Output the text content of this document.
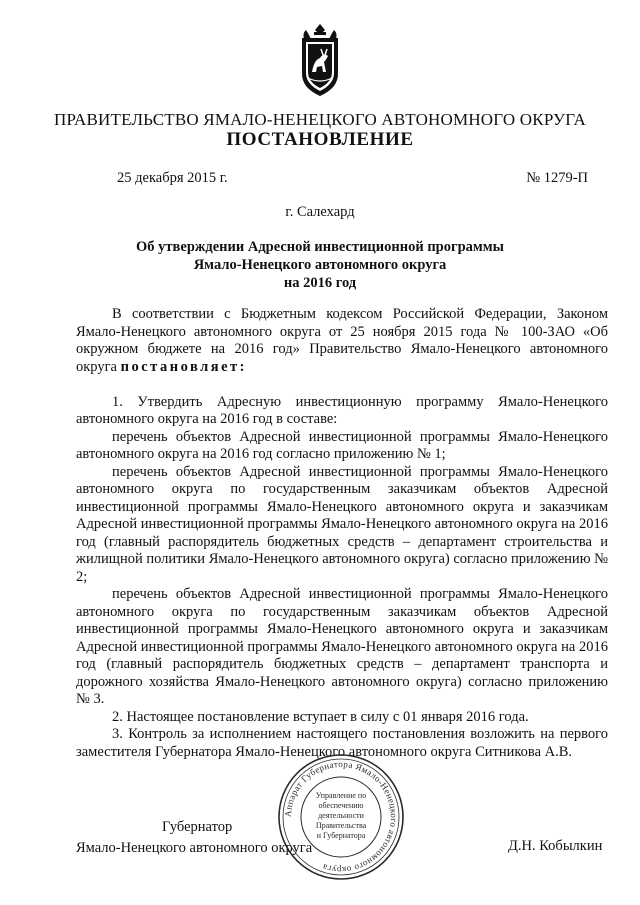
ПРАВИТЕЛЬСТВО ЯМАЛО-НЕНЕЦКОГО АВТОНОМНОГО ОКРУГА
ПОСТАНОВЛЕНИЕ
25 декабря 2015 г.	№ 1279-П
г. Салехард
Об утверждении Адресной инвестиционной программы
Ямало-Ненецкого автономного округа
на 2016 год

В соответствии с Бюджетным кодексом Российской Федерации, Законом Ямало-Ненецкого автономного округа от 25 ноября 2015 года № 100-ЗАО «Об окружном бюджете на 2016 год» Правительство Ямало-Ненецкого автономного округа постановляет:

1. Утвердить Адресную инвестиционную программу Ямало-Ненецкого автономного округа на 2016 год в составе:

перечень объектов Адресной инвестиционной программы Ямало-Ненецкого автономного округа на 2016 год согласно приложению № 1;

перечень объектов Адресной инвестиционной программы Ямало-Ненецкого автономного округа по государственным заказчикам объектов Адресной инвестиционной программы Ямало-Ненецкого автономного округа и заказчикам Адресной инвестиционной программы Ямало-Ненецкого автономного округа на 2016 год (главный распорядитель бюджетных средств – департамент строительства и жилищной политики Ямало-Ненецкого автономного округа) согласно приложению № 2;

перечень объектов Адресной инвестиционной программы Ямало-Ненецкого автономного округа по государственным заказчикам объектов Адресной инвестиционной программы Ямало-Ненецкого автономного округа и заказчикам Адресной инвестиционной программы Ямало-Ненецкого автономного округа на 2016 год (главный распорядитель бюджетных средств – департамент транспорта и дорожного хозяйства Ямало-Ненецкого автономного округа) согласно приложению № 3.

2. Настоящее постановление вступает в силу с 01 января 2016 года.

3. Контроль за исполнением настоящего постановления возложить на первого заместителя Губернатора Ямало-Ненецкого автономного округа Ситникова А.В.

Губернатор
Ямало-Ненецкого автономного округа	Д.Н. Кобылкин
Аппарат Губернатора Ямало-Ненецкого автономного округа
Управление по
обеспечению
деятельности
Правительства
и Губернатора
